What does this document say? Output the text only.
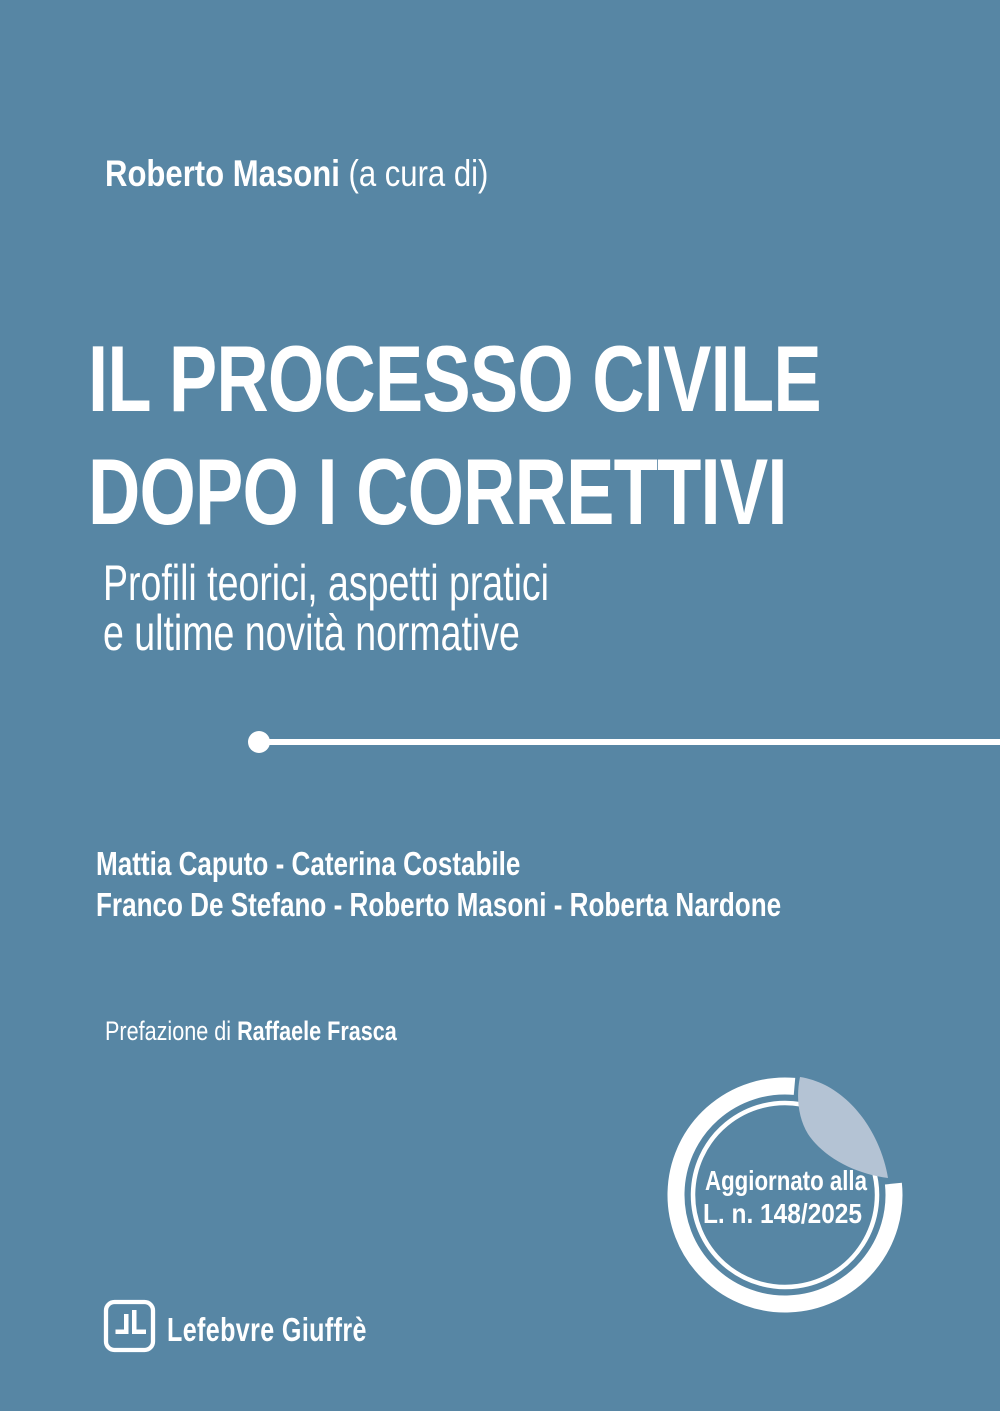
Roberto Masoni (a cura di)
IL PROCESSO CIVILE
DOPO I CORRETTIVI
Profili teorici, aspetti pratici
e ultime novità normative
Mattia Caputo - Caterina Costabile
Franco De Stefano - Roberto Masoni - Roberta Nardone
Prefazione di Raffaele Frasca
Aggiornato alla
L. n. 148/2025
Lefebvre Giuffrè
